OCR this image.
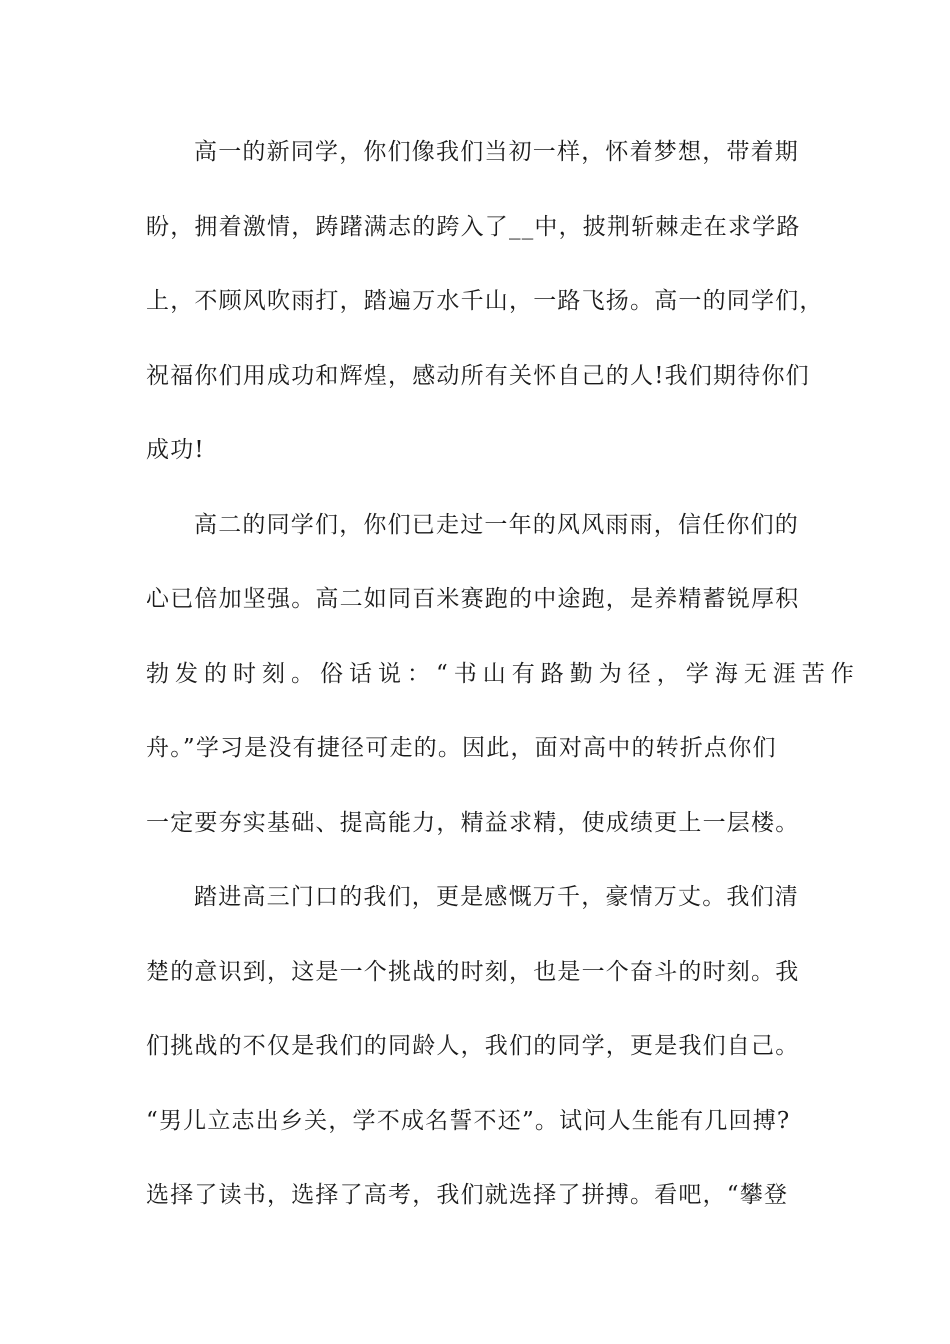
高一的新同学，你们像我们当初一样，怀着梦想，带着期
盼，拥着激情，踌躇满志的跨入了__中，披荆斩棘走在求学路
上，不顾风吹雨打，踏遍万水千山，一路飞扬。高一的同学们，
祝福你们用成功和辉煌，感动所有关怀自己的人!我们期待你们
成功!
高二的同学们，你们已走过一年的风风雨雨，信任你们的
心已倍加坚强。高二如同百米赛跑的中途跑，是养精蓄锐厚积
勃发的时刻。俗话说：“书山有路勤为径，学海无涯苦作
舟。”学习是没有捷径可走的。因此，面对高中的转折点你们
一定要夯实基础、提高能力，精益求精，使成绩更上一层楼。
踏进高三门口的我们，更是感慨万千，豪情万丈。我们清
楚的意识到，这是一个挑战的时刻，也是一个奋斗的时刻。我
们挑战的不仅是我们的同龄人，我们的同学，更是我们自己。
“男儿立志出乡关，学不成名誓不还”。试问人生能有几回搏?
选择了读书，选择了高考，我们就选择了拼搏。看吧，“攀登
